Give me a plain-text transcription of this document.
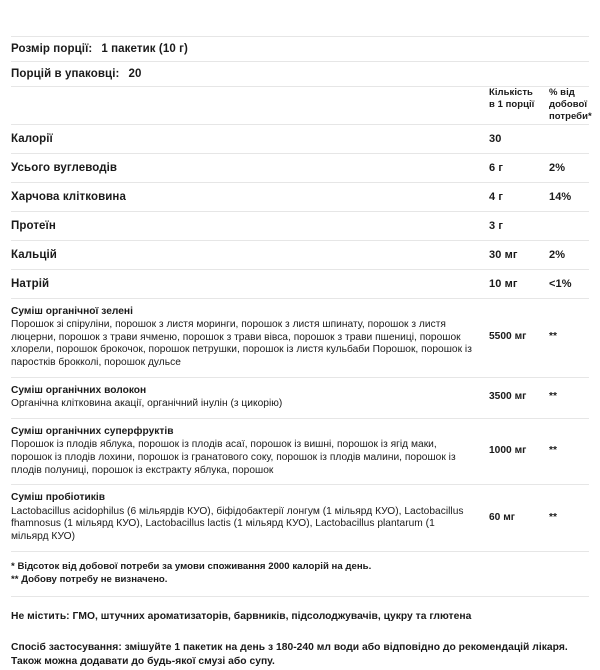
Розмір порції: 1 пакетик (10 г)
Порцій в упаковці: 20
	Кількість в 1 порції	% від добової потреби*
Калорії	30	
Усього вуглеводів	6 г	2%
Харчова клітковина	4 г	14%
Протеїн	3 г	
Кальцій	30 мг	2%
Натрій	10 мг	<1%

Суміш органічної зелені
Порошок зі спіруліни, порошок з листя моринги, порошок з листя шпинату, порошок з листя люцерни, порошок з трави ячменю, порошок з трави вівса, порошок з трави пшениці, порошок хлорели, порошок брокочок, порошок петрушки, порошок із листя кульбаби Порошок, порошок із паростків брокколі, порошок дульсе	5500 мг	**

Суміш органічних волокон
Органічна клітковина акації, органічний інулін (з цикорію)	3500 мг	**

Суміш органічних суперфруктів
Порошок із плодів яблука, порошок із плодів асаї, порошок із вишні, порошок із ягід маки, порошок із плодів лохини, порошок із гранатового соку, порошок із плодів малини, порошок із плодів полуниці, порошок із екстракту яблука, порошок	1000 мг	**

Суміш пробіотиків
Lactobacillus acidophilus (6 мільярдів КУО), біфідобактерії лонгум (1 мільярд КУО), Lactobacillus fhamnosus (1 мільярд КУО), Lactobacillus lactis (1 мільярд КУО), Lactobacillus plantarum (1 мільярд КУО)	60 мг	**
* Відсоток від добової потреби за умови споживання 2000 калорій на день.
** Добову потребу не визначено.
Не містить: ГМО, штучних ароматизаторів, барвників, підсолоджувачів, цукру та глютена
Спосіб застосування: змішуйте 1 пакетик на день з 180-240 мл води або відповідно до рекомендацій лікаря. Також можна додавати до будь-якої смузі або супу.
